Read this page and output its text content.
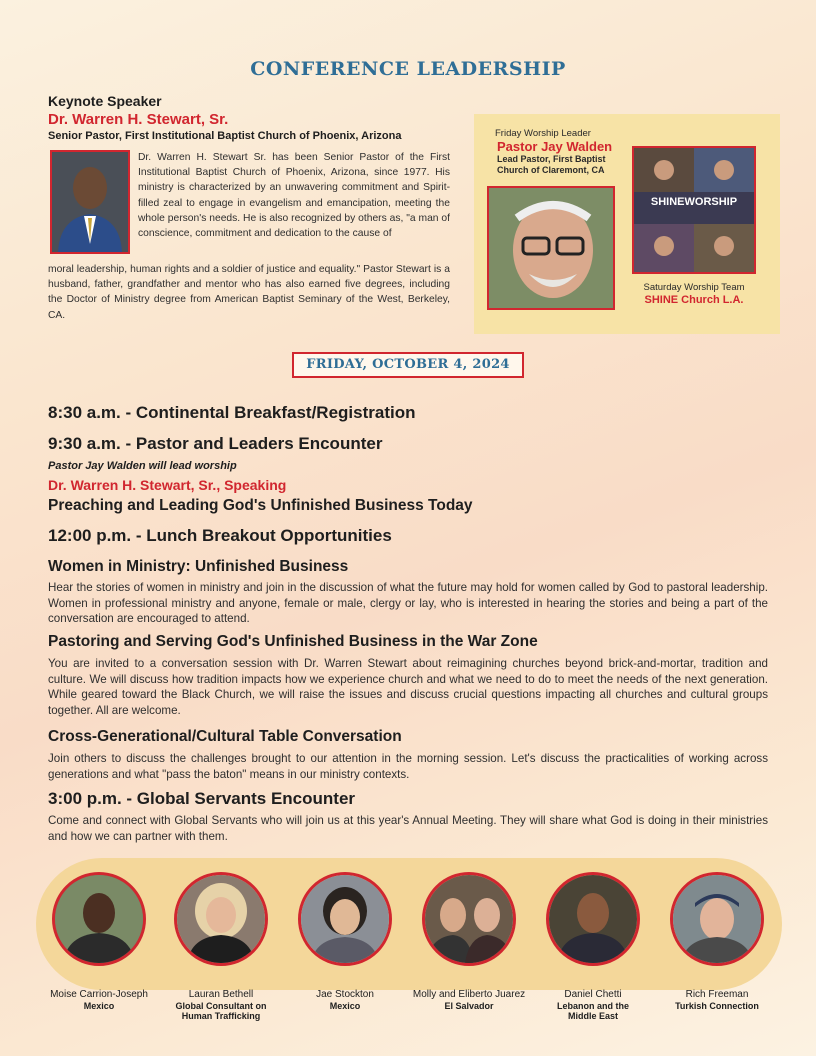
CONFERENCE LEADERSHIP
Keynote Speaker
Dr. Warren H. Stewart, Sr.
Senior Pastor, First Institutional Baptist Church of Phoenix, Arizona
Dr. Warren H. Stewart Sr. has been Senior Pastor of the First Institutional Baptist Church of Phoenix, Arizona, since 1977. His ministry is characterized by an unwavering commitment and Spirit-filled zeal to engage in evangelism and emancipation, meeting the whole person's needs. He is also recognized by others as, "a man of conscience, commitment and dedication to the cause of
moral leadership, human rights and a soldier of justice and equality." Pastor Stewart is a husband, father, grandfather and mentor who has also earned five degrees, including the Doctor of Ministry degree from American Baptist Seminary of the West, Berkeley, CA.
Friday Worship Leader
Pastor Jay Walden
Lead Pastor, First Baptist Church of Claremont, CA
SHINEWORSHIP
Saturday Worship Team
SHINE Church L.A.
FRIDAY, OCTOBER 4, 2024
8:30 a.m. - Continental Breakfast/Registration
9:30 a.m. - Pastor and Leaders Encounter
Pastor Jay Walden will lead worship
Dr. Warren H. Stewart, Sr., Speaking
Preaching and Leading God's Unfinished Business Today
12:00 p.m. - Lunch Breakout Opportunities
Women in Ministry: Unfinished Business
Hear the stories of women in ministry and join in the discussion of what the future may hold for women called by God to pastoral leadership. Women in professional ministry and anyone, female or male, clergy or lay, who is interested in hearing the stories and being a part of the conversation are encouraged to attend.
Pastoring and Serving God's Unfinished Business in the War Zone
You are invited to a conversation session with Dr. Warren Stewart about reimagining churches beyond brick-and-mortar, tradition and culture. We will discuss how tradition impacts how we experience church and what we need to do to meet the needs of the next generation. While geared toward the Black Church, we will raise the issues and discuss crucial questions impacting all churches and cultural groups together. All are welcome.
Cross-Generational/Cultural Table Conversation
Join others to discuss the challenges brought to our attention in the morning session. Let's discuss the practicalities of working across generations and what "pass the baton" means in our ministry contexts.
3:00 p.m. - Global Servants Encounter
Come and connect with Global Servants who will join us at this year's Annual Meeting. They will share what God is doing in their ministries and how we can partner with them.
Moise Carrion-Joseph
Mexico
Lauran Bethell
Global Consultant on Human Trafficking
Jae Stockton
Mexico
Molly and Eliberto Juarez
El Salvador
Daniel Chetti
Lebanon and the Middle East
Rich Freeman
Turkish Connection
